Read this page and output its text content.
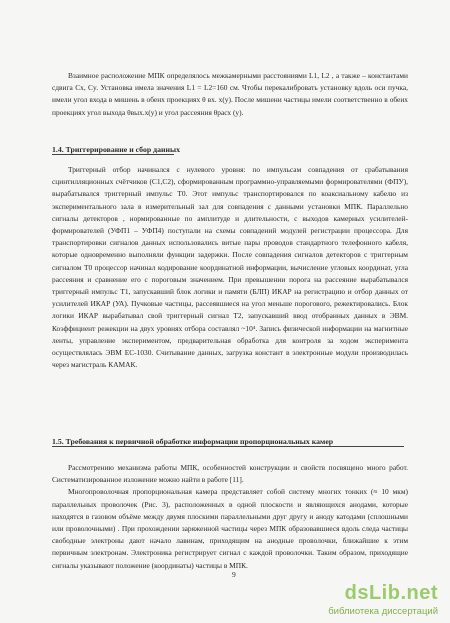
Взаимное расположение МПК определялось межкамерными расстояниями L1, L2 , а также – константами сдвига Cx, Cy. Установка имела значения L1 = L2=160 см. Чтобы перекалибровать установку вдоль оси пучка, имели угол входа в мишень в обеих проекциях θ вх. x(y). После мишени частицы имели соответственно в обеих проекциях угол выхода θвых.x(y) и угол рассеяния θрасх (y).

1.4. Триггерирование и сбор данных

Триггерный отбор начинался с нулевого уровня: по импульсам совпадения от срабатывания сцинтилляционных счётчиков (C1,C2), сформированным программно-управляемыми формирователями (ФПУ), вырабатывался триггерный импульс T0. Этот импульс транспортировался по коаксиальному кабелю из экспериментального зала в измерительный зал для совпадения с данными установки МПК. Параллельно сигналы детекторов , нормированные по амплитуде и длительности, с выходов камерных усилителей- формирователей (УФП1 – УФП4) поступали на схемы совпадений модулей регистрации процессора. Для транспортировки сигналов данных использовались витые пары проводов стандартного телефонного кабеля, которые одновременно выполняли функции задержки. После совпадения сигналов детекторов с триггерным сигналом T0 процессор начинал кодирование координатной информации, вычисление угловых координат, угла рассеяния и сравнение его с пороговым значением. При превышении порога на рассеяние вырабатывался триггерный импульс T1, запускавший блок логики и памяти (БЛП) ИКАР на регистрацию и отбор данных от усилителей ИКАР (УА). Пучковые частицы, рассеявшиеся на угол меньше порогового, режектировались. Блок логики ИКАР вырабатывал свой триггерный сигнал T2, запускавший ввод отобранных данных в ЭВМ. Коэффициент режекции на двух уровнях отбора составлял ~10⁴. Запись физической информации на магнитные ленты, управление экспериментом, предварительная обработка для контроля за ходом эксперимента осуществлялась ЭВМ ЕС-1030. Считывание данных, загрузка констант в электронные модули производилась через магистраль КАМАК.

1.5. Требования к первичной обработке информации пропорциональных камер

Рассмотрению механизма работы МПК, особенностей конструкции и свойств посвящено много работ. Систематизированное изложение можно найти в работе [11].

Многопроволочная пропорциональная камера представляет собой систему многих тонких (≈ 10 мкм) параллельных проволочек (Рис. 3), расположенных в одной плоскости и являющихся анодами, которые находятся в газовом объёме между двумя плоскими параллельными друг другу и аноду катодами (сплошными или проволочными) . При прохождении заряженной частицы через МПК образовавшиеся вдоль следа частицы свободные электроны дают начало лавинам, приходящим на анодные проволочки, ближайшие к этим первичным электронам. Электроника регистрирует сигнал с каждой проволочки. Таким образом, приходящие сигналы указывают положение (координаты) частицы в МПК.

9
dsLib.net
библиотека диссертаций
